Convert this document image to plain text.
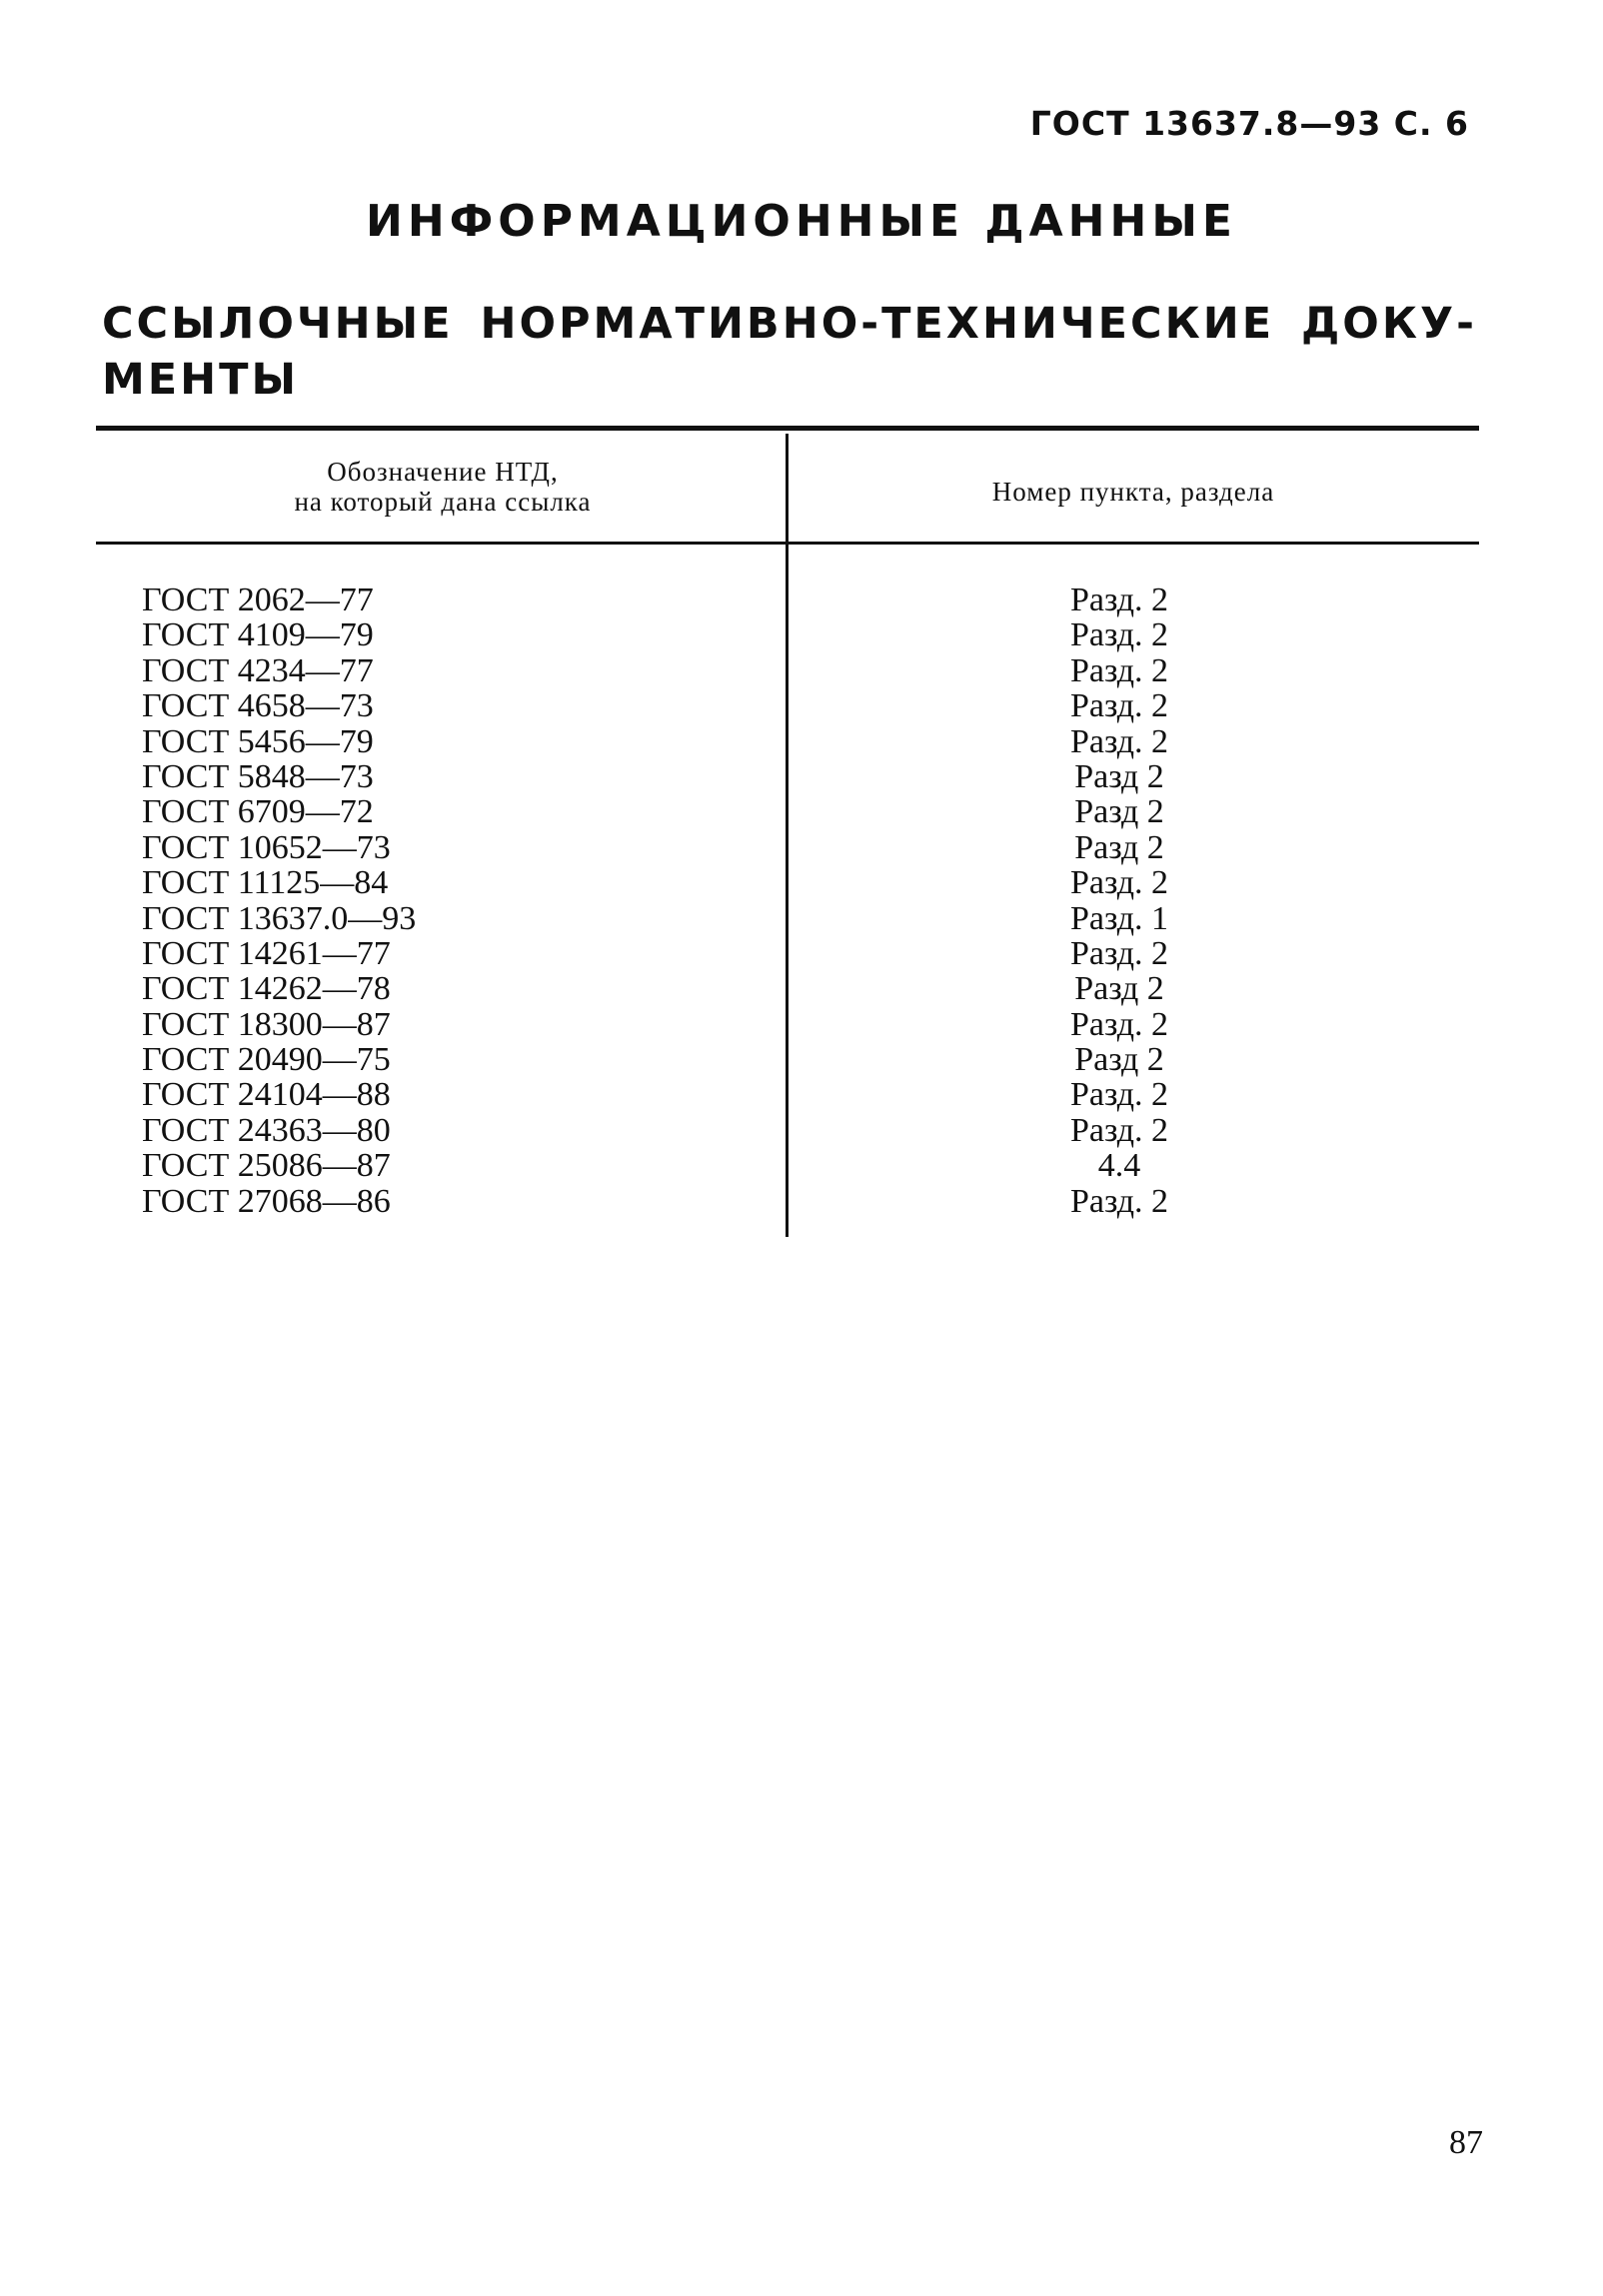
ГОСТ 13637.8—93 С. 6
ИНФОРМАЦИОННЫЕ ДАННЫЕ
ССЫЛОЧНЫЕ НОРМАТИВНО-ТЕХНИЧЕСКИЕ ДОКУ-
МЕНТЫ
Обозначение НТД,
на который дана ссылка	Номер пункта, раздела
ГОСТ 2062—77	Разд. 2
ГОСТ 4109—79	Разд. 2
ГОСТ 4234—77	Разд. 2
ГОСТ 4658—73	Разд. 2
ГОСТ 5456—79	Разд. 2
ГОСТ 5848—73	Разд 2
ГОСТ 6709—72	Разд 2
ГОСТ 10652—73	Разд 2
ГОСТ 11125—84	Разд. 2
ГОСТ 13637.0—93	Разд. 1
ГОСТ 14261—77	Разд. 2
ГОСТ 14262—78	Разд 2
ГОСТ 18300—87	Разд. 2
ГОСТ 20490—75	Разд 2
ГОСТ 24104—88	Разд. 2
ГОСТ 24363—80	Разд. 2
ГОСТ 25086—87	4.4
ГОСТ 27068—86	Разд. 2
87
